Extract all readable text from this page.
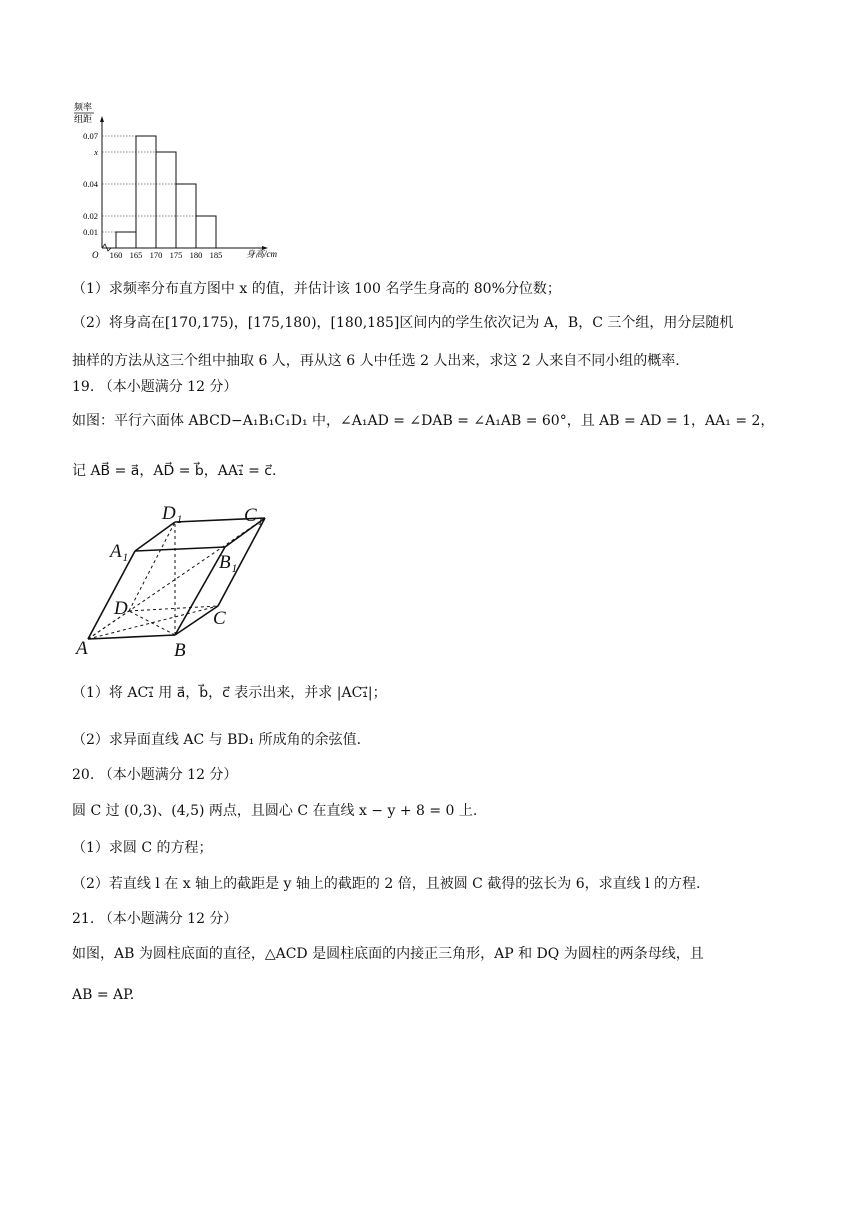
频率
组距
O 160 165 170 175 180 185
0.07
x
0.04
0.02
0.01
身高/cm
（1）求频率分布直方图中 x 的值，并估计该 100 名学生身高的 80%分位数；
（2）将身高在[170,175)，[175,180)，[180,185]区间内的学生依次记为 A，B，C 三个组，用分层随机
抽样的方法从这三个组中抽取 6 人，再从这 6 人中任选 2 人出来，求这 2 人来自不同小组的概率.
19. （本小题满分 12 分）
如图：平行六面体 ABCD−A₁B₁C₁D₁ 中，∠A₁AD = ∠DAB = ∠A₁AB = 60°，且 AB = AD = 1，AA₁ = 2，
记 AB⃗ = a⃗，AD⃗ = b⃗，AA₁⃗ = c⃗.
A	B
C
D
A₁
B₁
C₁
D₁
（1）将 AC₁⃗ 用 a⃗，b⃗，c⃗ 表示出来，并求 |AC₁⃗|；
（2）求异面直线 AC 与 BD₁ 所成角的余弦值.
20. （本小题满分 12 分）
圆 C 过 (0,3)、(4,5) 两点，且圆心 C 在直线 x − y + 8 = 0 上.
（1）求圆 C 的方程；
（2）若直线 l 在 x 轴上的截距是 y 轴上的截距的 2 倍，且被圆 C 截得的弦长为 6，求直线 l 的方程.
21. （本小题满分 12 分）
如图，AB 为圆柱底面的直径，△ACD 是圆柱底面的内接正三角形，AP 和 DQ 为圆柱的两条母线，且
AB = AP.
